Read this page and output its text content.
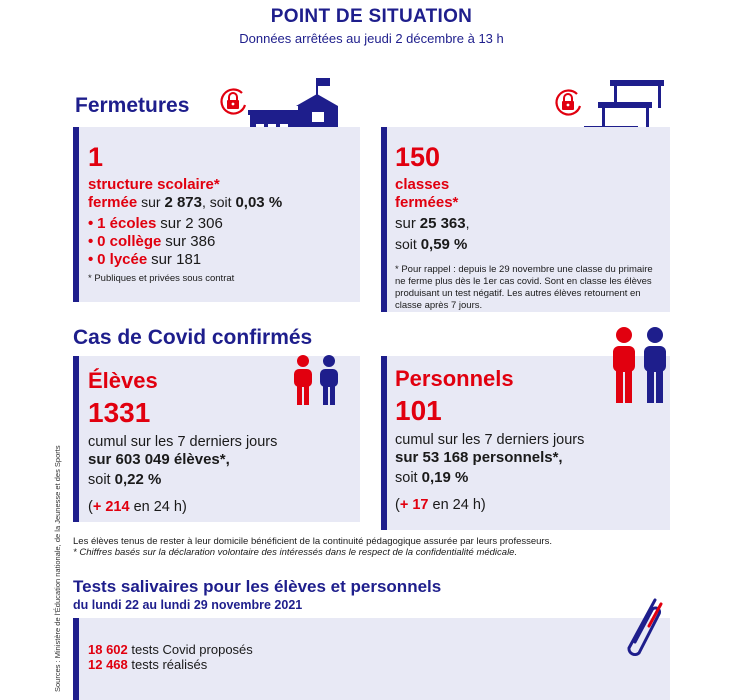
POINT DE SITUATION
Données arrêtées au jeudi 2 décembre à 13 h
Fermetures
1
structure scolaire*
fermée sur 2 873, soit 0,03 %
• 1 écoles sur 2 306
• 0 collège sur 386
• 0 lycée sur 181
* Publiques et privées sous contrat
150
classes
fermées*
sur 25 363,
soit 0,59 %
* Pour rappel : depuis le 29 novembre une classe du primaire ne ferme plus dès le 1er cas covid. Sont en classe les élèves produisant un test négatif. Les autres élèves retournent en classe après 7 jours.
Cas de Covid confirmés
Élèves
1331
cumul sur les 7 derniers jours
sur 603 049 élèves*,
soit 0,22 %
(+ 214 en 24 h)
Personnels
101
cumul sur les 7 derniers jours
sur 53 168 personnels*,
soit 0,19 %
(+ 17 en 24 h)
Les élèves tenus de rester à leur domicile bénéficient de la continuité pédagogique assurée par leurs professeurs.
* Chiffres basés sur la déclaration volontaire des intéressés dans le respect de la confidentialité médicale.
Tests salivaires pour les élèves et personnels
du lundi 22 au lundi 29 novembre 2021
18 602 tests Covid proposés
12 468 tests réalisés
Sources : Ministère de l'Éducation nationale, de la Jeunesse et des Sports
